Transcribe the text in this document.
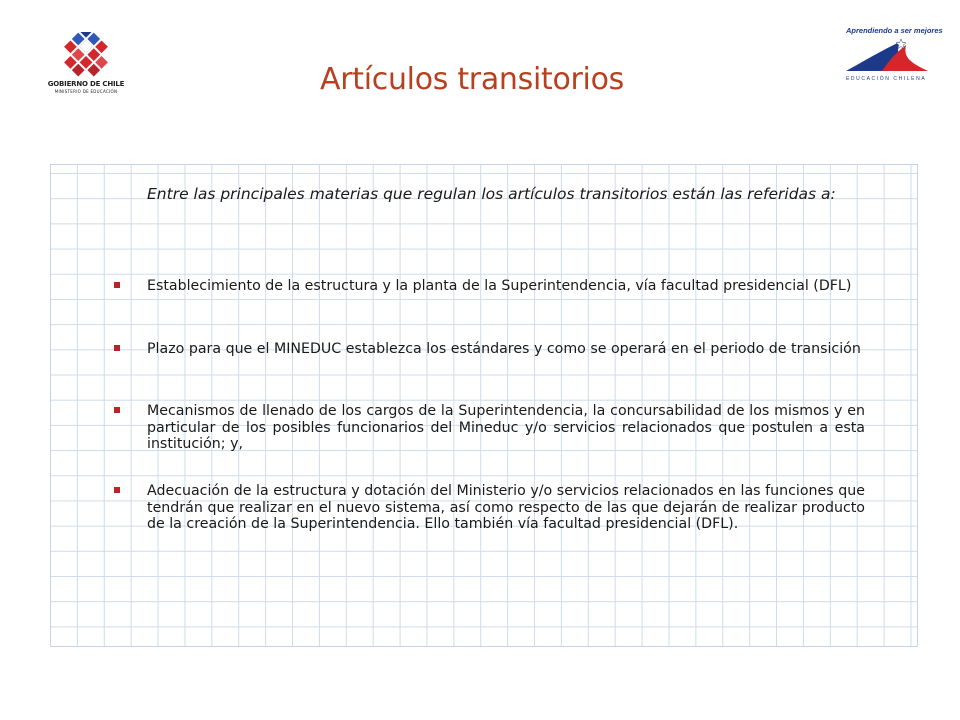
GOBIERNO DE CHILE
MINISTERIO DE EDUCACIÓN
Aprendiendo a ser mejores
EDUCACIÓN CHILENA
Artículos transitorios

Entre las principales materias que regulan los artículos transitorios están las referidas a:

Establecimiento de la estructura y la planta de la Superintendencia, vía facultad presidencial (DFL)

Plazo para que el MINEDUC establezca los estándares y como se operará en el periodo de transición

Mecanismos de llenado de los cargos de la Superintendencia, la concursabilidad de los mismos y en particular de los posibles funcionarios del Mineduc y/o servicios relacionados que postulen a esta institución; y,

Adecuación de la estructura y dotación del Ministerio y/o servicios relacionados en las funciones que tendrán que realizar en el nuevo sistema, así como respecto de las que dejarán de realizar producto de la creación de la Superintendencia. Ello también vía facultad presidencial (DFL).
